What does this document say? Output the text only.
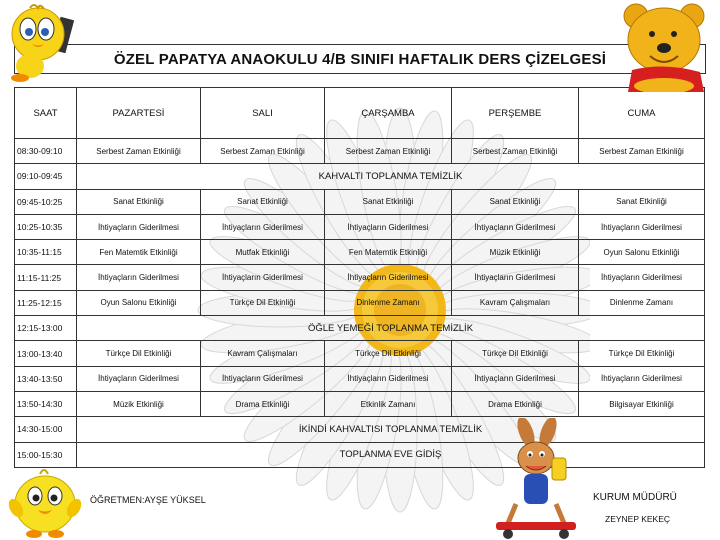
ÖZEL PAPATYA ANAOKULU 4/B SINIFI HAFTALIK DERS ÇİZELGESİ
SAAT	PAZARTESİ	SALI	ÇARŞAMBA	PERŞEMBE	CUMA
08:30-09:10	Serbest Zaman Etkinliği	Serbest Zaman Etkinliği	Serbest Zaman Etkinliği	Serbest Zaman Etkinliği	Serbest Zaman Etkinliği
09:10-09:45	KAHVALTI TOPLANMA TEMİZLİK				
09:45-10:25	Sanat Etkinliği	Sanat Etkinliği	Sanat Etkinliği	Sanat Etkinliği	Sanat Etkinliği
10:25-10:35	İhtiyaçların Giderilmesi	İhtiyaçların Giderilmesi	İhtiyaçların Giderilmesi	İhtiyaçların Giderilmesi	İhtiyaçların Giderilmesi
10:35-11:15	Fen Matemtik Etkinliği	Mutfak Etkinliği	Fen Matemtik Etkinliği	Müzik Etkinliği	Oyun Salonu Etkinliği
11:15-11:25	İhtiyaçların Giderilmesi	İhtiyaçların Giderilmesi	İhtiyaçların Giderilmesi	İhtiyaçların Giderilmesi	İhtiyaçların Giderilmesi
11:25-12:15	Oyun Salonu Etkinliği	Türkçe Dil Etkinliği	Dinlenme Zamanı	Kavram Çalışmaları	Dinlenme Zamanı
12:15-13:00	ÖĞLE YEMEĞİ TOPLANMA TEMİZLİK				
13:00-13:40	Türkçe Dil Etkinliği	Kavram Çalışmaları	Türkçe Dil Etkinliği	Türkçe Dil Etkinliği	Türkçe Dil Etkinliği
13:40-13:50	İhtiyaçların Giderilmesi	İhtiyaçların Giderilmesi	İhtiyaçların Giderilmesi	İhtiyaçların Giderilmesi	İhtiyaçların Giderilmesi
13:50-14:30	Müzik Etkinliği	Drama Etkinliği	Etkinlik Zamanı	Drama Etkinliği	Bilgisayar Etkinliği
14:30-15:00	İKİNDİ KAHVALTISI TOPLANMA TEMİZLİK				
15:00-15:30	TOPLANMA EVE GİDİŞ				
ÖĞRETMEN:AYŞE YÜKSEL	KURUM MÜDÜRÜ
ZEYNEP KEKEÇ
